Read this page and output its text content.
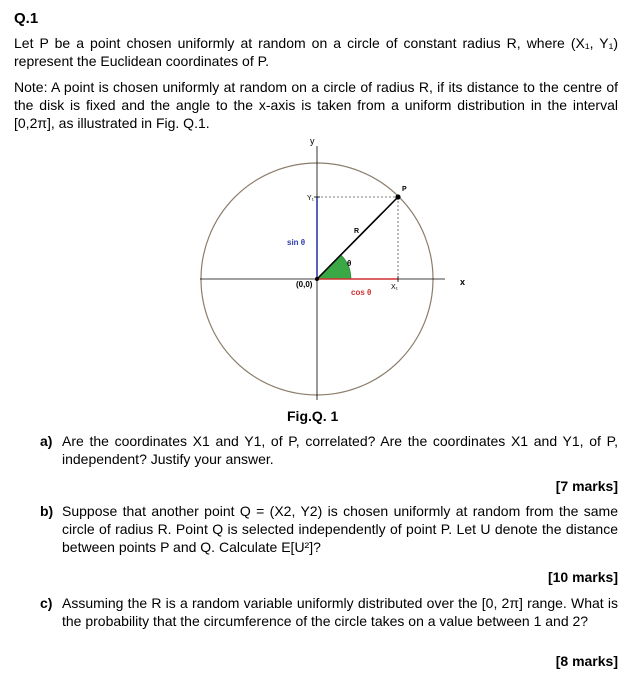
Q.1
Let P be a point chosen uniformly at random on a circle of constant radius R, where (X₁, Y₁) represent the Euclidean coordinates of P.
Note: A point is chosen uniformly at random on a circle of radius R, if its distance to the centre of the disk is fixed and the angle to the x-axis is taken from a uniform distribution in the interval [0,2π], as illustrated in Fig. Q.1.
y
x
Y₁
X₁
P
R
θ
sin θ
cos θ
(0,0)
Fig.Q. 1
a) Are the coordinates X1 and Y1, of P, correlated? Are the coordinates X1 and Y1, of P, independent? Justify your answer.
[7 marks]
b) Suppose that another point Q = (X2, Y2) is chosen uniformly at random from the same circle of radius R. Point Q is selected independently of point P. Let U denote the distance between points P and Q. Calculate E[U²]?
[10 marks]
c) Assuming the R is a random variable uniformly distributed over the [0, 2π] range. What is the probability that the circumference of the circle takes on a value between 1 and 2?
[8 marks]
